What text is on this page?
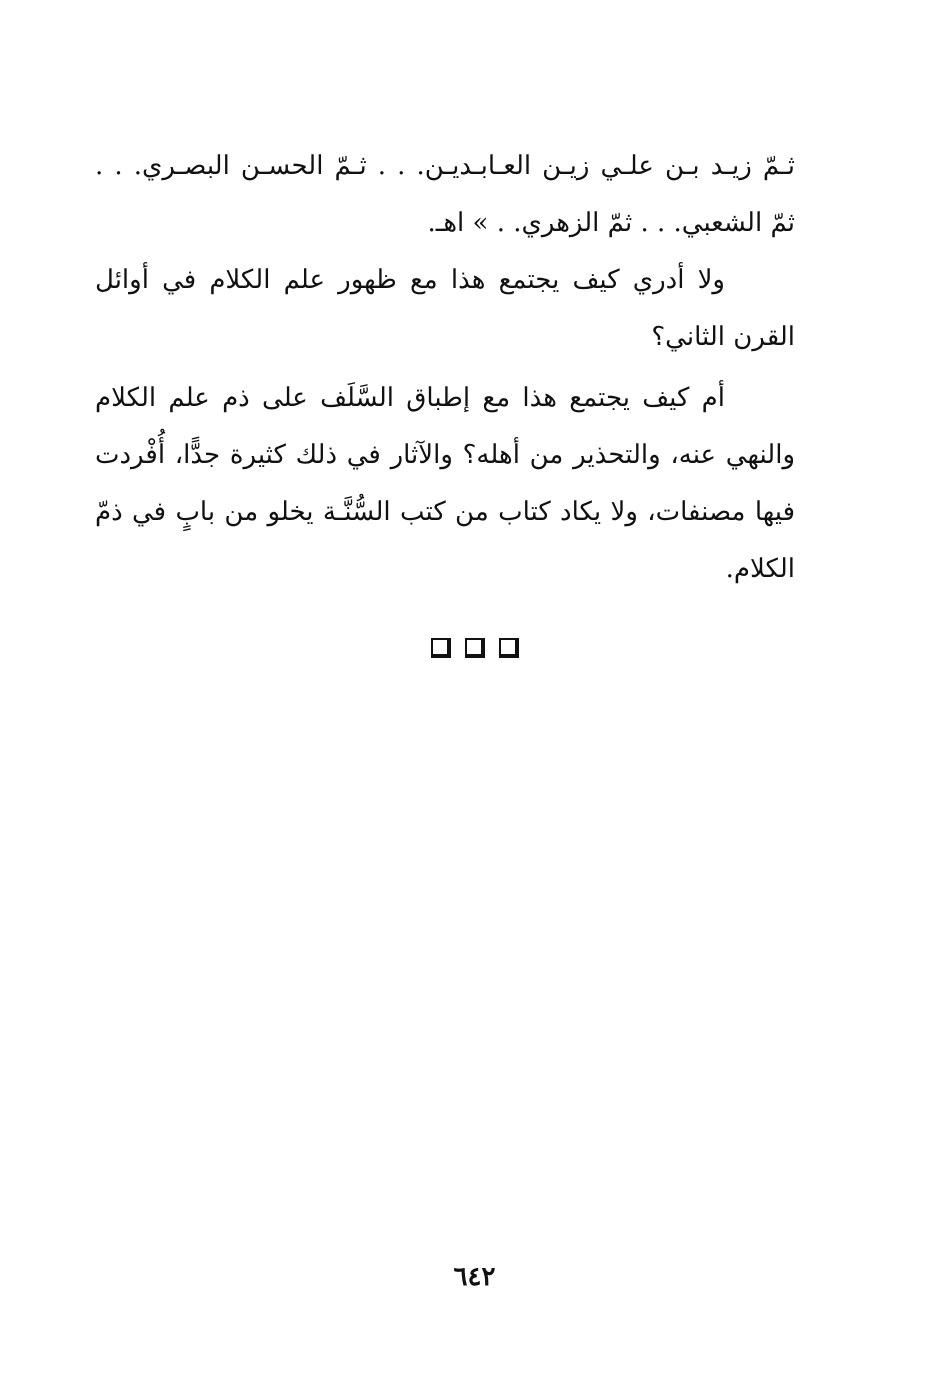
ثـمّ زيـد بـن علـي زيـن العـابـديـن. . . ثـمّ الحسـن البصـري. . .
ثمّ الشعبي. . . ثمّ الزهري. . » اهـ.
ولا أدري كيف يجتمع هذا مع ظهور علم الكلام في أوائل
القرن الثاني؟
أم كيف يجتمع هذا مع إطباق السَّلَف على ذم علم الكلام
والنهي عنه، والتحذير من أهله؟ والآثار في ذلك كثيرة جدًّا، أُفْردت
فيها مصنفات، ولا يكاد كتاب من كتب السُّنَّـة يخلو من بابٍ في ذمّ
الكلام.
٦٤٢
